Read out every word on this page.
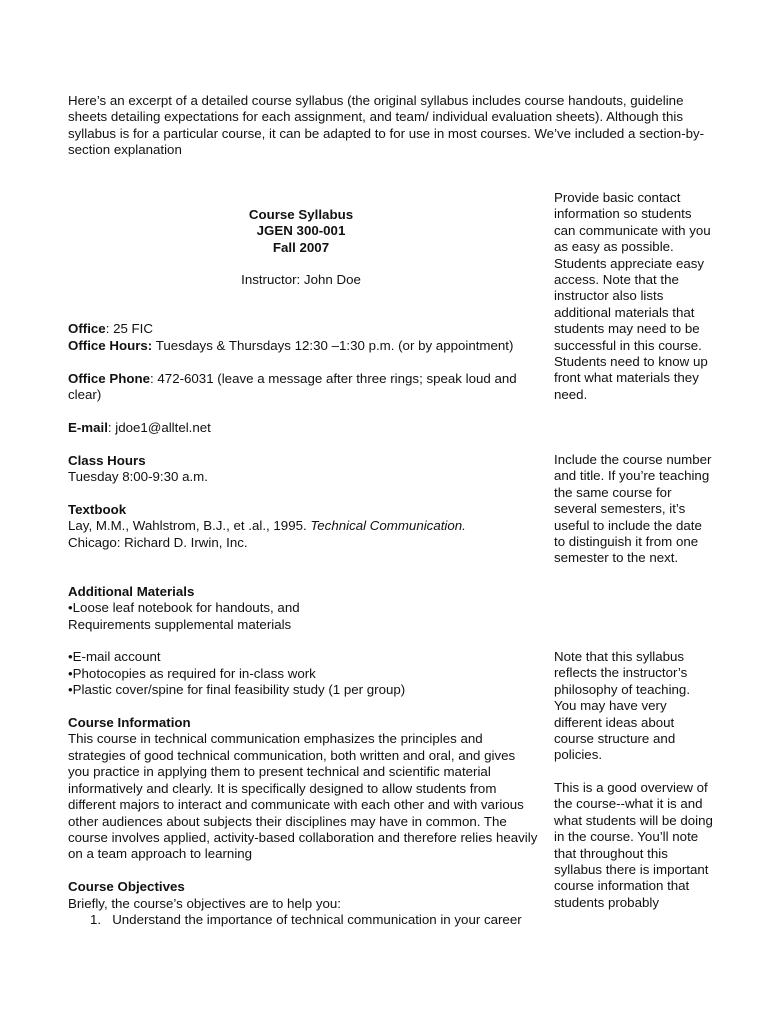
Here’s an excerpt of a detailed course syllabus (the original syllabus includes course handouts, guideline sheets detailing expectations for each assignment, and team/ individual evaluation sheets). Although this syllabus is for a particular course, it can be adapted to for use in most courses. We’ve included a section-by-section explanation

Course Syllabus
JGEN 300-001
Fall 2007
Instructor: John Doe
Office: 25 FIC
Office Hours: Tuesdays & Thursdays 12:30 –1:30 p.m. (or by appointment)
Office Phone: 472-6031 (leave a message after three rings; speak loud and clear)
E-mail: jdoe1@alltel.net
Class Hours
Tuesday 8:00-9:30 a.m.
Textbook
Lay, M.M., Wahlstrom, B.J., et .al., 1995. Technical Communication.
Chicago: Richard D. Irwin, Inc.
Additional Materials
•Loose leaf notebook for handouts, and
Requirements supplemental materials
•E-mail account
•Photocopies as required for in-class work
•Plastic cover/spine for final feasibility study (1 per group)
Course Information

This course in technical communication emphasizes the principles and strategies of good technical communication, both written and oral, and gives you practice in applying them to present technical and scientific material informatively and clearly. It is specifically designed to allow students from different majors to interact and communicate with each other and with various other audiences about subjects their disciplines may have in common. The course involves applied, activity-based collaboration and therefore relies heavily on a team approach to learning

Course Objectives
Briefly, the course’s objectives are to help you:
1. Understand the importance of technical communication in your career

Provide basic contact information so students can communicate with you as easy as possible. Students appreciate easy access. Note that the instructor also lists additional materials that students may need to be successful in this course. Students need to know up front what materials they need.

Include the course number and title. If you’re teaching the same course for several semesters, it’s useful to include the date to distinguish it from one semester to the next.

Note that this syllabus reflects the instructor’s philosophy of teaching. You may have very different ideas about course structure and policies.

This is a good overview of the course--what it is and what students will be doing in the course. You’ll note that throughout this syllabus there is important course information that students probably
